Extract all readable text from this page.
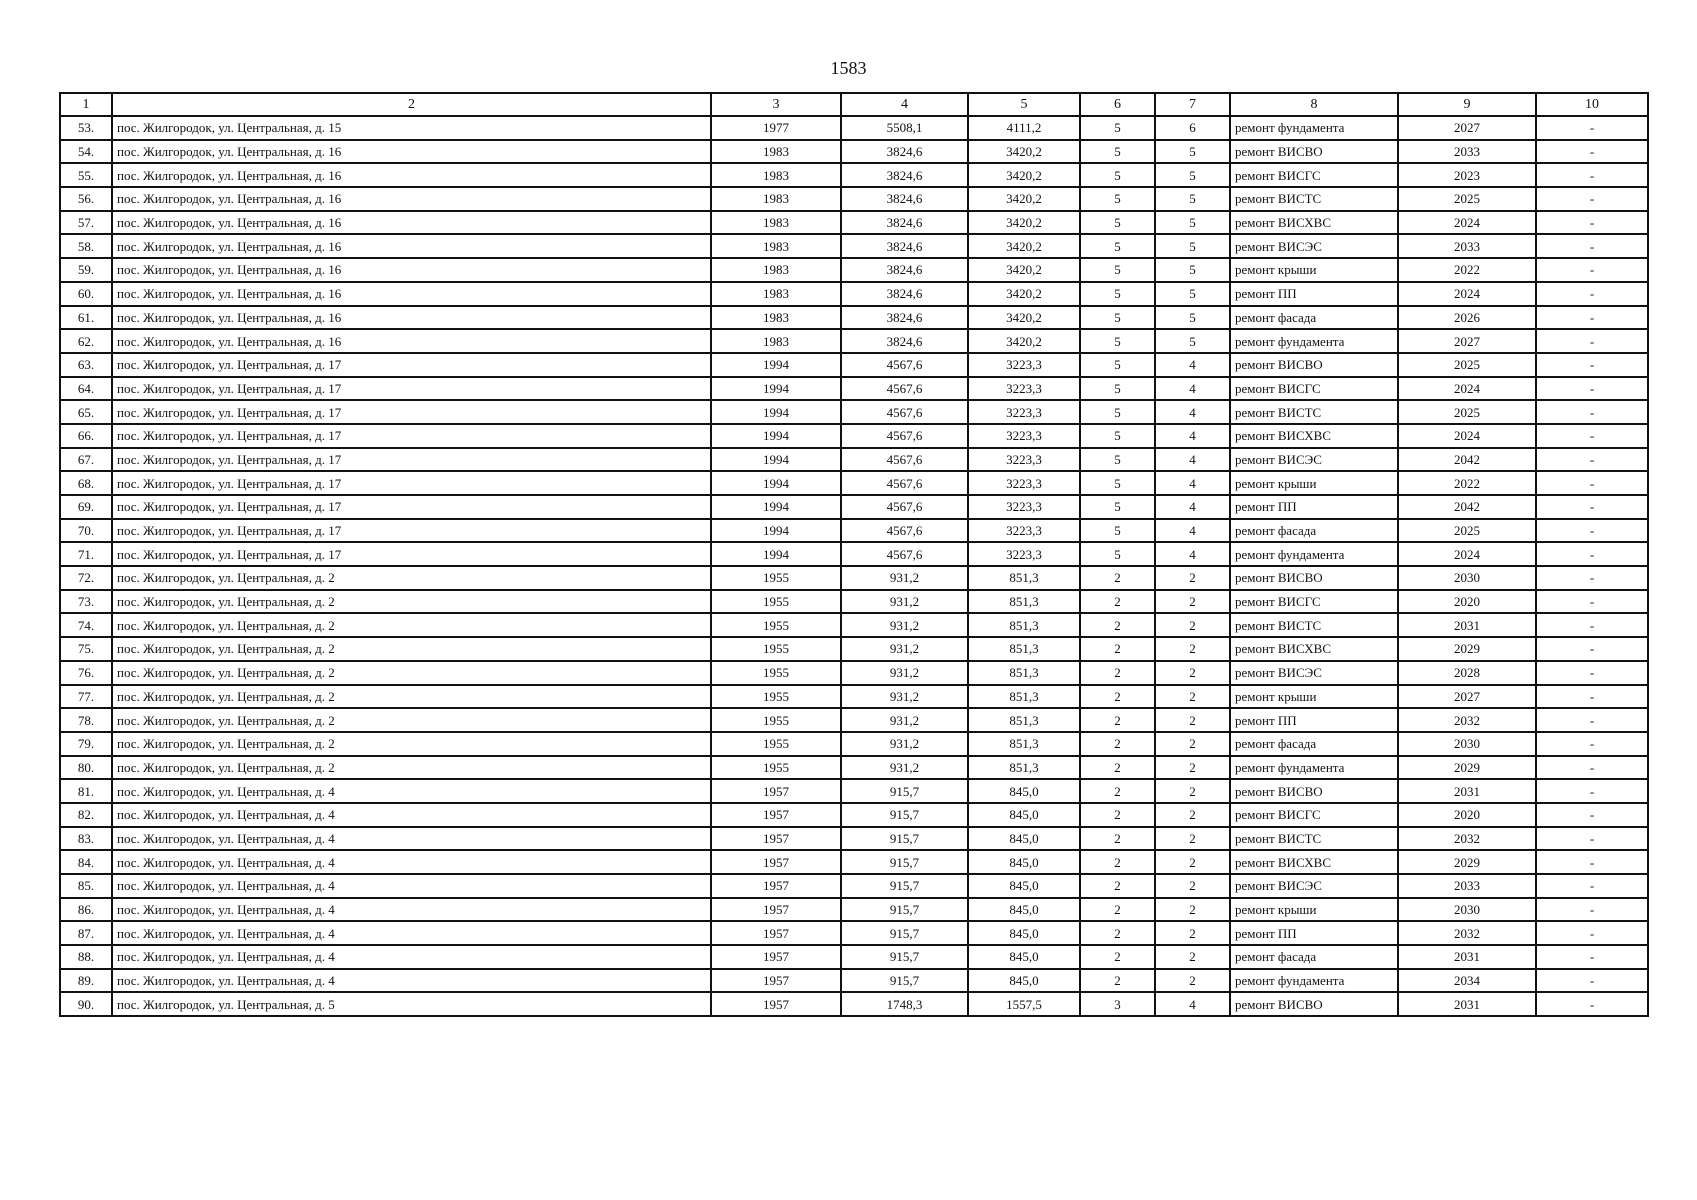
1583
1	2	3	4	5	6	7	8	9	10
53.	пос. Жилгородок, ул. Центральная, д. 15	1977	5508,1	4111,2	5	6	ремонт фундамента	2027	-
54.	пос. Жилгородок, ул. Центральная, д. 16	1983	3824,6	3420,2	5	5	ремонт ВИСВО	2033	-
55.	пос. Жилгородок, ул. Центральная, д. 16	1983	3824,6	3420,2	5	5	ремонт ВИСГС	2023	-
56.	пос. Жилгородок, ул. Центральная, д. 16	1983	3824,6	3420,2	5	5	ремонт ВИСТС	2025	-
57.	пос. Жилгородок, ул. Центральная, д. 16	1983	3824,6	3420,2	5	5	ремонт ВИСХВС	2024	-
58.	пос. Жилгородок, ул. Центральная, д. 16	1983	3824,6	3420,2	5	5	ремонт ВИСЭС	2033	-
59.	пос. Жилгородок, ул. Центральная, д. 16	1983	3824,6	3420,2	5	5	ремонт крыши	2022	-
60.	пос. Жилгородок, ул. Центральная, д. 16	1983	3824,6	3420,2	5	5	ремонт ПП	2024	-
61.	пос. Жилгородок, ул. Центральная, д. 16	1983	3824,6	3420,2	5	5	ремонт фасада	2026	-
62.	пос. Жилгородок, ул. Центральная, д. 16	1983	3824,6	3420,2	5	5	ремонт фундамента	2027	-
63.	пос. Жилгородок, ул. Центральная, д. 17	1994	4567,6	3223,3	5	4	ремонт ВИСВО	2025	-
64.	пос. Жилгородок, ул. Центральная, д. 17	1994	4567,6	3223,3	5	4	ремонт ВИСГС	2024	-
65.	пос. Жилгородок, ул. Центральная, д. 17	1994	4567,6	3223,3	5	4	ремонт ВИСТС	2025	-
66.	пос. Жилгородок, ул. Центральная, д. 17	1994	4567,6	3223,3	5	4	ремонт ВИСХВС	2024	-
67.	пос. Жилгородок, ул. Центральная, д. 17	1994	4567,6	3223,3	5	4	ремонт ВИСЭС	2042	-
68.	пос. Жилгородок, ул. Центральная, д. 17	1994	4567,6	3223,3	5	4	ремонт крыши	2022	-
69.	пос. Жилгородок, ул. Центральная, д. 17	1994	4567,6	3223,3	5	4	ремонт ПП	2042	-
70.	пос. Жилгородок, ул. Центральная, д. 17	1994	4567,6	3223,3	5	4	ремонт фасада	2025	-
71.	пос. Жилгородок, ул. Центральная, д. 17	1994	4567,6	3223,3	5	4	ремонт фундамента	2024	-
72.	пос. Жилгородок, ул. Центральная, д. 2	1955	931,2	851,3	2	2	ремонт ВИСВО	2030	-
73.	пос. Жилгородок, ул. Центральная, д. 2	1955	931,2	851,3	2	2	ремонт ВИСГС	2020	-
74.	пос. Жилгородок, ул. Центральная, д. 2	1955	931,2	851,3	2	2	ремонт ВИСТС	2031	-
75.	пос. Жилгородок, ул. Центральная, д. 2	1955	931,2	851,3	2	2	ремонт ВИСХВС	2029	-
76.	пос. Жилгородок, ул. Центральная, д. 2	1955	931,2	851,3	2	2	ремонт ВИСЭС	2028	-
77.	пос. Жилгородок, ул. Центральная, д. 2	1955	931,2	851,3	2	2	ремонт крыши	2027	-
78.	пос. Жилгородок, ул. Центральная, д. 2	1955	931,2	851,3	2	2	ремонт ПП	2032	-
79.	пос. Жилгородок, ул. Центральная, д. 2	1955	931,2	851,3	2	2	ремонт фасада	2030	-
80.	пос. Жилгородок, ул. Центральная, д. 2	1955	931,2	851,3	2	2	ремонт фундамента	2029	-
81.	пос. Жилгородок, ул. Центральная, д. 4	1957	915,7	845,0	2	2	ремонт ВИСВО	2031	-
82.	пос. Жилгородок, ул. Центральная, д. 4	1957	915,7	845,0	2	2	ремонт ВИСГС	2020	-
83.	пос. Жилгородок, ул. Центральная, д. 4	1957	915,7	845,0	2	2	ремонт ВИСТС	2032	-
84.	пос. Жилгородок, ул. Центральная, д. 4	1957	915,7	845,0	2	2	ремонт ВИСХВС	2029	-
85.	пос. Жилгородок, ул. Центральная, д. 4	1957	915,7	845,0	2	2	ремонт ВИСЭС	2033	-
86.	пос. Жилгородок, ул. Центральная, д. 4	1957	915,7	845,0	2	2	ремонт крыши	2030	-
87.	пос. Жилгородок, ул. Центральная, д. 4	1957	915,7	845,0	2	2	ремонт ПП	2032	-
88.	пос. Жилгородок, ул. Центральная, д. 4	1957	915,7	845,0	2	2	ремонт фасада	2031	-
89.	пос. Жилгородок, ул. Центральная, д. 4	1957	915,7	845,0	2	2	ремонт фундамента	2034	-
90.	пос. Жилгородок, ул. Центральная, д. 5	1957	1748,3	1557,5	3	4	ремонт ВИСВО	2031	-
